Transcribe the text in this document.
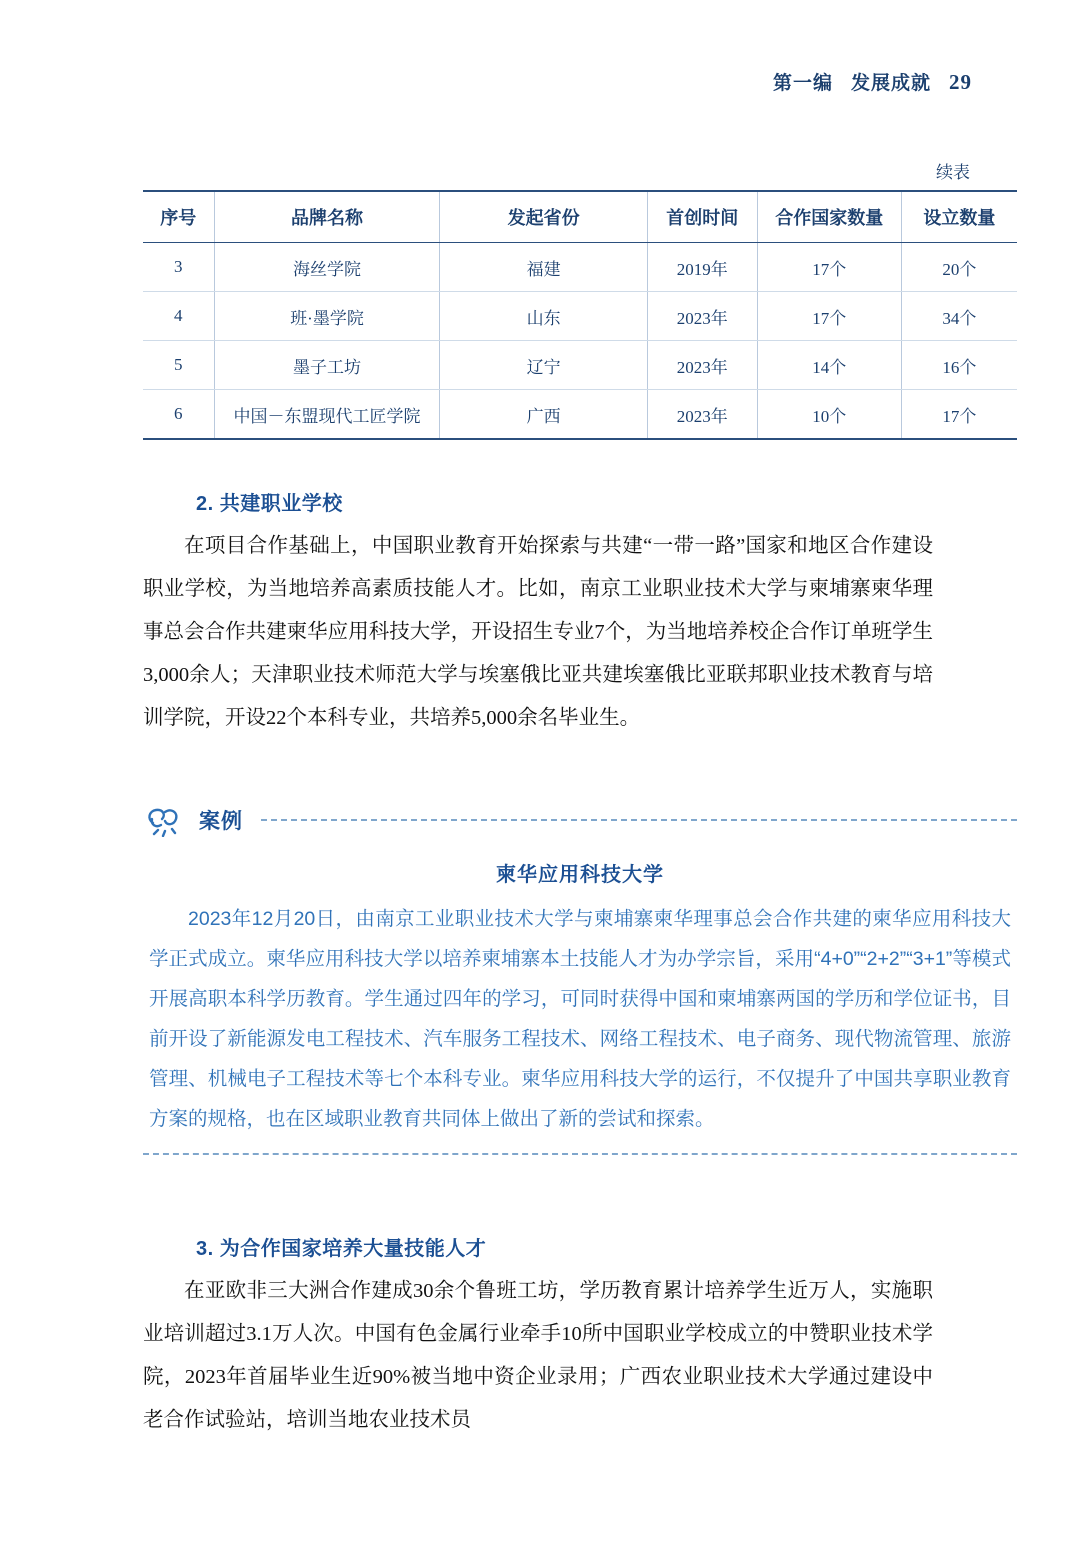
第一编 发展成就 29
续表
序号	品牌名称	发起省份	首创时间	合作国家数量	设立数量
3	海丝学院	福建	2019年	17个	20个
4	班·墨学院	山东	2023年	17个	34个
5	墨子工坊	辽宁	2023年	14个	16个
6	中国－东盟现代工匠学院	广西	2023年	10个	17个
2. 共建职业学校
在项目合作基础上，中国职业教育开始探索与共建“一带一路”国家和地区合作建设职业学校，为当地培养高素质技能人才。比如，南京工业职业技术大学与柬埔寨柬华理事总会合作共建柬华应用科技大学，开设招生专业7个，为当地培养校企合作订单班学生3,000余人；天津职业技术师范大学与埃塞俄比亚共建埃塞俄比亚联邦职业技术教育与培训学院，开设22个本科专业，共培养5,000余名毕业生。
案例
柬华应用科技大学
2023年12月20日，由南京工业职业技术大学与柬埔寨柬华理事总会合作共建的柬华应用科技大学正式成立。柬华应用科技大学以培养柬埔寨本土技能人才为办学宗旨，采用“4+0”“2+2”“3+1”等模式开展高职本科学历教育。学生通过四年的学习，可同时获得中国和柬埔寨两国的学历和学位证书，目前开设了新能源发电工程技术、汽车服务工程技术、网络工程技术、电子商务、现代物流管理、旅游管理、机械电子工程技术等七个本科专业。柬华应用科技大学的运行，不仅提升了中国共享职业教育方案的规格，也在区域职业教育共同体上做出了新的尝试和探索。
3. 为合作国家培养大量技能人才
在亚欧非三大洲合作建成30余个鲁班工坊，学历教育累计培养学生近万人，实施职业培训超过3.1万人次。中国有色金属行业牵手10所中国职业学校成立的中赞职业技术学院，2023年首届毕业生近90%被当地中资企业录用；广西农业职业技术大学通过建设中老合作试验站，培训当地农业技术员
